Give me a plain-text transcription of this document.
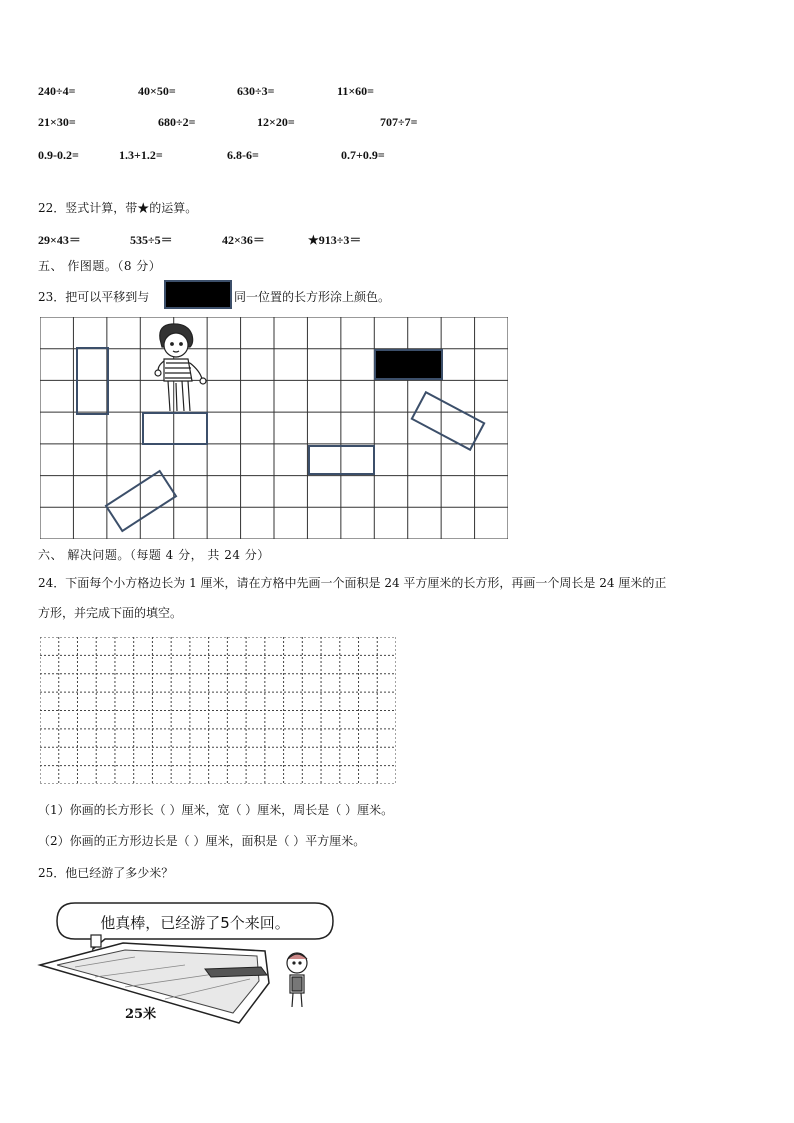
240÷4=	40×50=	630÷3=	11×60=
21×30=	680÷2=	12×20=	707÷7=
0.9-0.2=	1.3+1.2=	6.8-6=	0.7+0.9=
22．竖式计算，带★的运算。
29×43＝	535÷5＝	42×36＝	★913÷3＝
五、 作图题。（8 分）
23．把可以平移到与	同一位置的长方形涂上颜色。
六、 解决问题。（每题 4 分， 共 24 分）
24．下面每个小方格边长为 1 厘米，请在方格中先画一个面积是 24 平方厘米的长方形，再画一个周长是 24 厘米的正
方形，并完成下面的填空。
（1）你画的长方形长（ ）厘米，宽（ ）厘米，周长是（ ）厘米。
（2）你画的正方形边长是（ ）厘米，面积是（ ）平方厘米。
25．他已经游了多少米？
他真棒，已经游了5个来回。
25米
